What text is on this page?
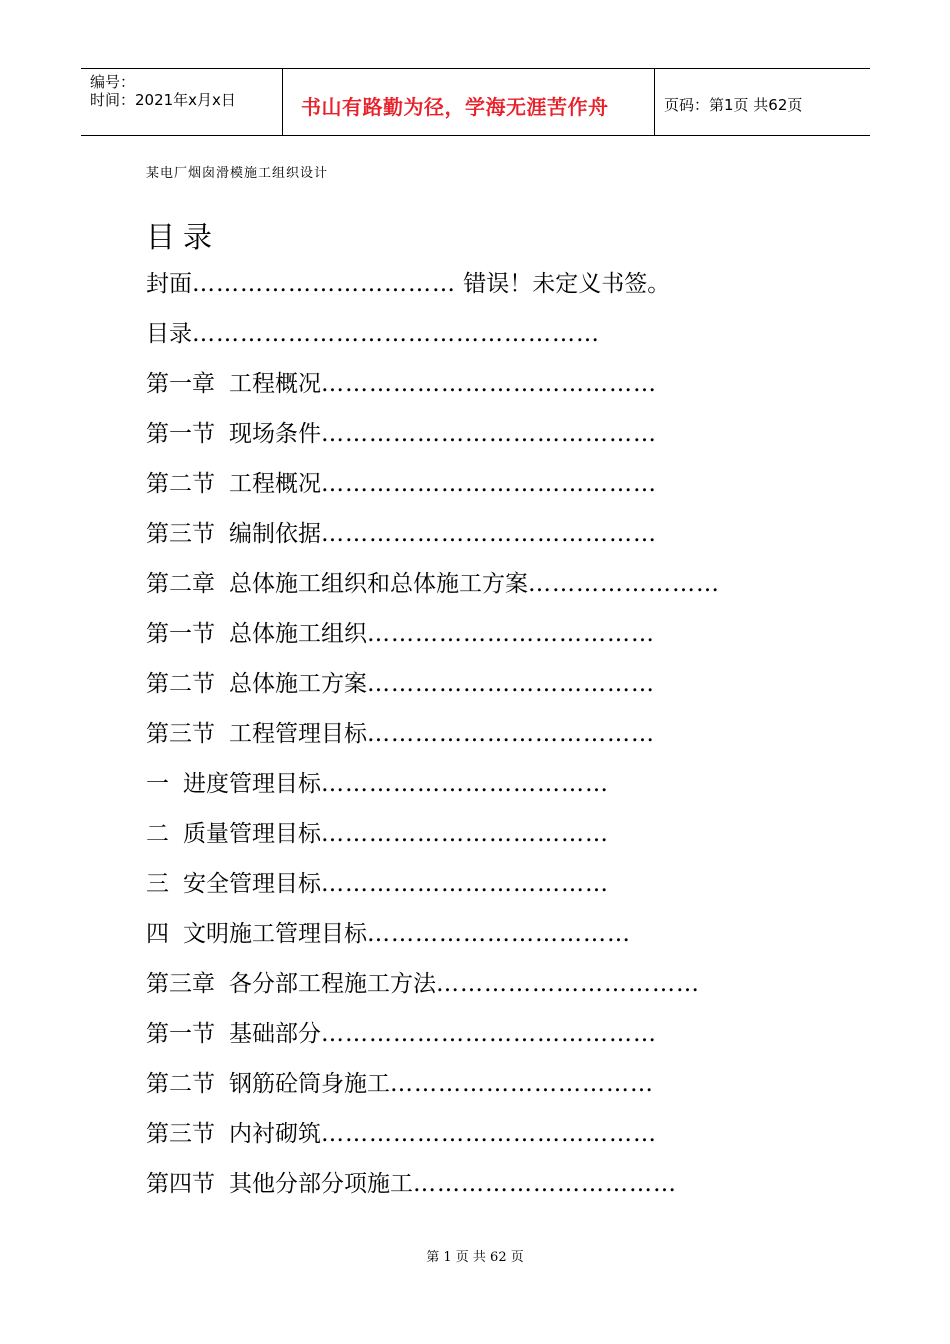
编号：
时间：2021年x月x日	书山有路勤为径，学海无涯苦作舟	页码：第1页 共62页
某电厂烟囱滑模施工组织设计
目录
封面…………………………… 错误！未定义书签。
目录……………………………………………
第一章 工程概况……………………………………
第一节 现场条件……………………………………
第二节 工程概况……………………………………
第三节 编制依据……………………………………
第二章 总体施工组织和总体施工方案……………………
第一节 总体施工组织………………………………
第二节 总体施工方案………………………………
第三节 工程管理目标………………………………
一 进度管理目标………………………………
二 质量管理目标………………………………
三 安全管理目标………………………………
四 文明施工管理目标……………………………
第三章 各分部工程施工方法……………………………
第一节 基础部分……………………………………
第二节 钢筋砼筒身施工……………………………
第三节 内衬砌筑……………………………………
第四节 其他分部分项施工……………………………
第 1 页 共 62 页
